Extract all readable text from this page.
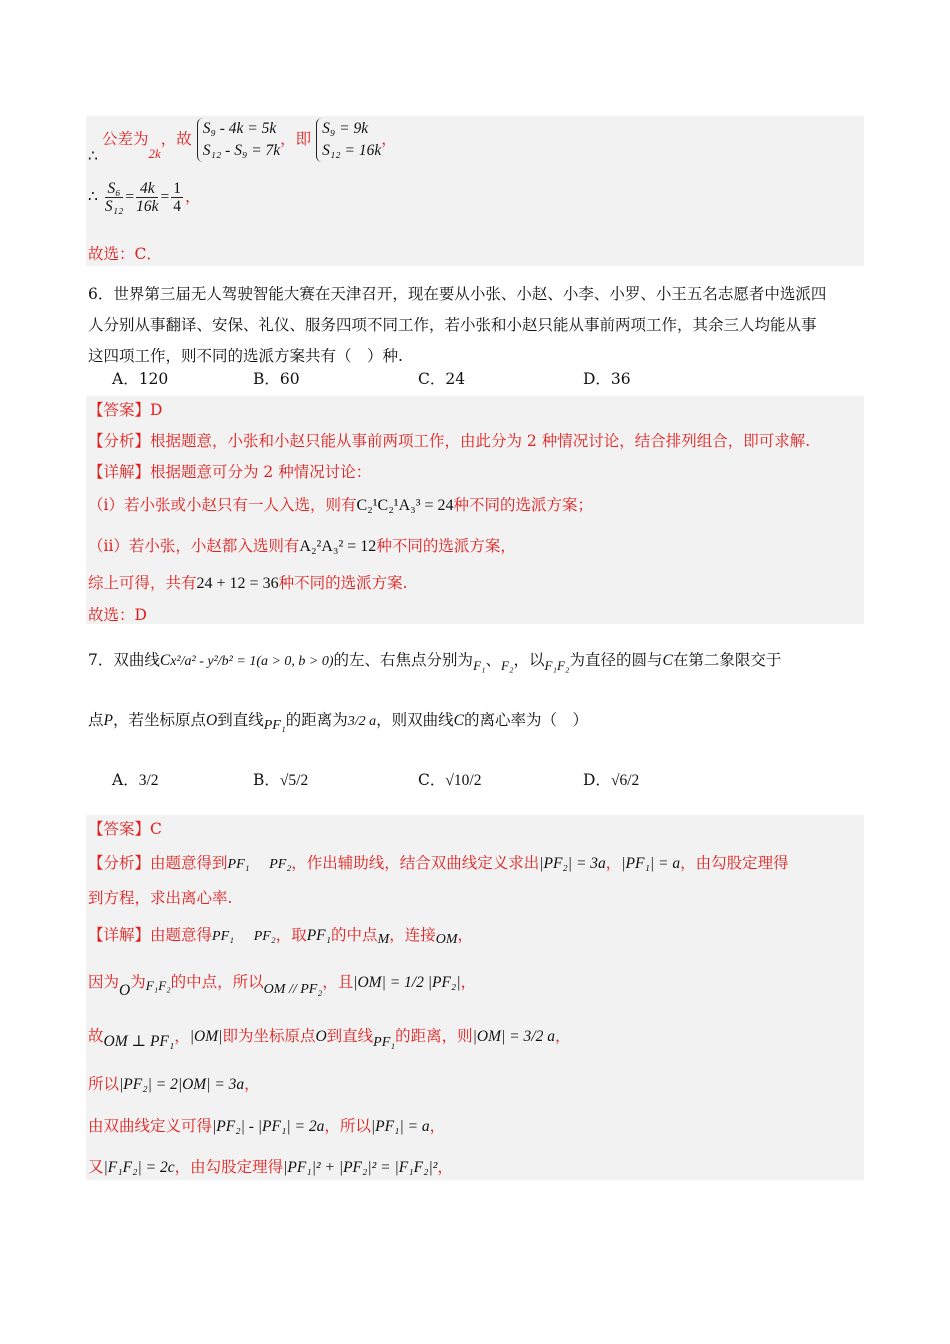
∴公差为$_{2k}$，故
S₉ - 4k = 5k
S₁₂ - S₉ = 7k
，即
S₉ = 9k
S₁₂ = 16k
，
∴ $\frac{\text{S₆}}{\text{S₁₂}} = \frac{4k}{16k} = \frac{1}{4}$ ，
故选：C．
6．世界第三届无人驾驶智能大赛在天津召开，现在要从小张、小赵、小李、小罗、小王五名志愿者中选派四
人分别从事翻译、安保、礼仪、服务四项不同工作，若小张和小赵只能从事前两项工作，其余三人均能从事
这四项工作，则不同的选派方案共有（　）种.
A．120	B．60	C．24	D．36
【答案】D
【分析】根据题意，小张和小赵只能从事前两项工作，由此分为 2 种情况讨论，结合排列组合，即可求解.
【详解】根据题意可分为 2 种情况讨论：
（i）若小张或小赵只有一人入选，则有C₂¹C₂¹A₃³ = 24种不同的选派方案；
（ii）若小张，小赵都入选则有A₂²A₃² = 12种不同的选派方案，
综上可得，共有24 + 12 = 36种不同的选派方案.
故选：D
7．双曲线Cx²/a² - y²/b² = 1(a > 0, b > 0)的左、右焦点分别为$_{F_1}$、$_{F_2}$，以$_{F_1F_2}$为直径的圆与C在第二象限交于
点P，若坐标原点O到直线PF₁的距离为3/2 a，则双曲线C的离心率为（　）
A．3/2	B．√5/2	C．√10/2	D．√6/2
【答案】C
【分析】由题意得到PF₁ PF₂，作出辅助线，结合双曲线定义求出|PF₂| = 3a，|PF₁| = a，由勾股定理得
到方程，求出离心率.
【详解】由题意得PF₁ PF₂，取PF₁的中点M，连接OM，
因为O为F₁F₂的中点，所以OM // PF₂，且|OM| = 1/2 |PF₂|，
故OM ⊥ PF₁，|OM|即为坐标原点O到直线PF₁的距离，则|OM| = 3/2 a，
所以|PF₂| = 2|OM| = 3a，
由双曲线定义可得|PF₂| - |PF₁| = 2a，所以|PF₁| = a，
又|F₁F₂| = 2c，由勾股定理得|PF₁|² + |PF₂|² = |F₁F₂|²，
